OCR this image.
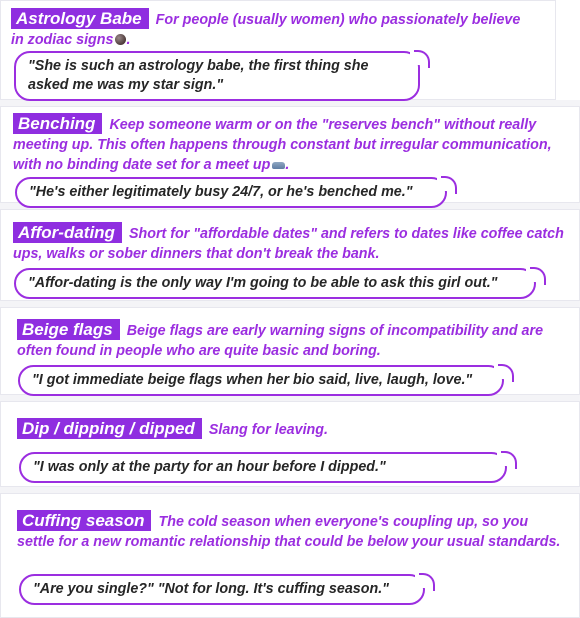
Astrology Babe For people (usually women) who passionately believe in zodiac signs .

"She is such an astrology babe, the first thing she asked me was my star sign."

Benching Keep someone warm or on the "reserves bench" without really meeting up. This often happens through constant but irregular communication, with no binding date set for a meet up .

"He's either legitimately busy 24/7, or he's benched me."

Affor-dating Short for "affordable dates" and refers to dates like coffee catch ups, walks or sober dinners that don't break the bank.

"Affor-dating is the only way I'm going to be able to ask this girl out."

Beige flags Beige flags are early warning signs of incompatibility and are often found in people who are quite basic and boring.

"I got immediate beige flags when her bio said, live, laugh, love."

Dip / dipping / dipped Slang for leaving.

"I was only at the party for an hour before I dipped."

Cuffing season The cold season when everyone's coupling up, so you settle for a new romantic relationship that could be below your usual standards.

"Are you single?" "Not for long. It's cuffing season."
